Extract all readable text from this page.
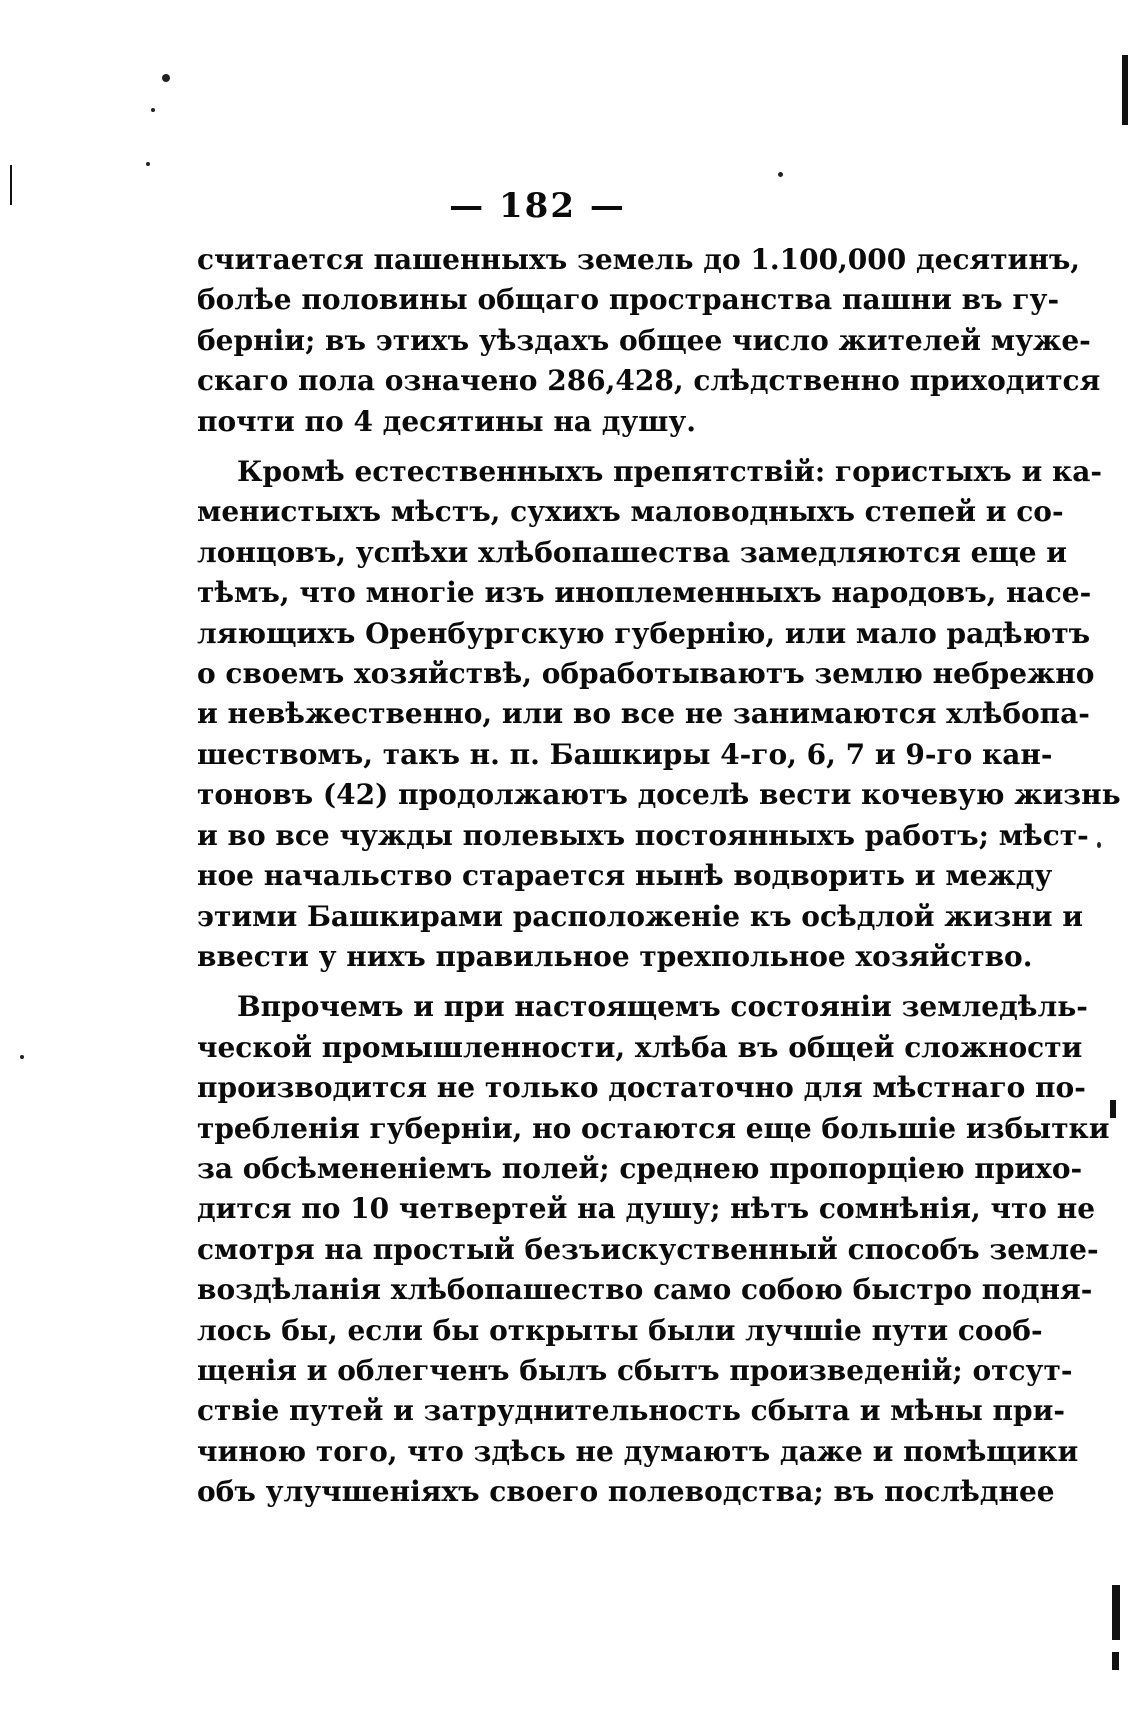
— 182 —
считается пашенныхъ земель до 1.100,000 десятинъ,
болѣе половины общаго пространства пашни въ гу-
берніи; въ этихъ уѣздахъ общее число жителей муже-
скаго пола означено 286,428, слѣдственно приходится
почти по 4 десятины на душу.
Кромѣ естественныхъ препятствій: гористыхъ и ка-
менистыхъ мѣстъ, сухихъ маловодныхъ степей и со-
лонцовъ, успѣхи хлѣбопашества замедляются еще и
тѣмъ, что многіе изъ иноплеменныхъ народовъ, насе-
ляющихъ Оренбургскую губернію, или мало радѣютъ
о своемъ хозяйствѣ, обработываютъ землю небрежно
и невѣжественно, или во все не занимаются хлѣбопа-
шествомъ, такъ н. п. Башкиры 4-го, 6, 7 и 9-го кан-
тоновъ (42) продолжаютъ доселѣ вести кочевую жизнь
и во все чужды полевыхъ постоянныхъ работъ; мѣст-
ное начальство старается нынѣ водворить и между
этими Башкирами расположеніе къ осѣдлой жизни и
ввести у нихъ правильное трехпольное хозяйство.
Впрочемъ и при настоящемъ состояніи земледѣль-
ческой промышленности, хлѣба въ общей сложности
производится не только достаточно для мѣстнаго по-
требленія губерніи, но остаются еще большіе избытки
за обсѣмененіемъ полей; среднею пропорціею прихо-
дится по 10 четвертей на душу; нѣтъ сомнѣнія, что не
смотря на простый безъискуственный способъ земле-
воздѣланія хлѣбопашество само собою быстро подня-
лось бы, если бы открыты были лучшіе пути сооб-
щенія и облегченъ былъ сбытъ произведеній; отсут-
ствіе путей и затруднительность сбыта и мѣны при-
чиною того, что здѣсь не думаютъ даже и помѣщики
объ улучшеніяхъ своего полеводства; въ послѣднее
